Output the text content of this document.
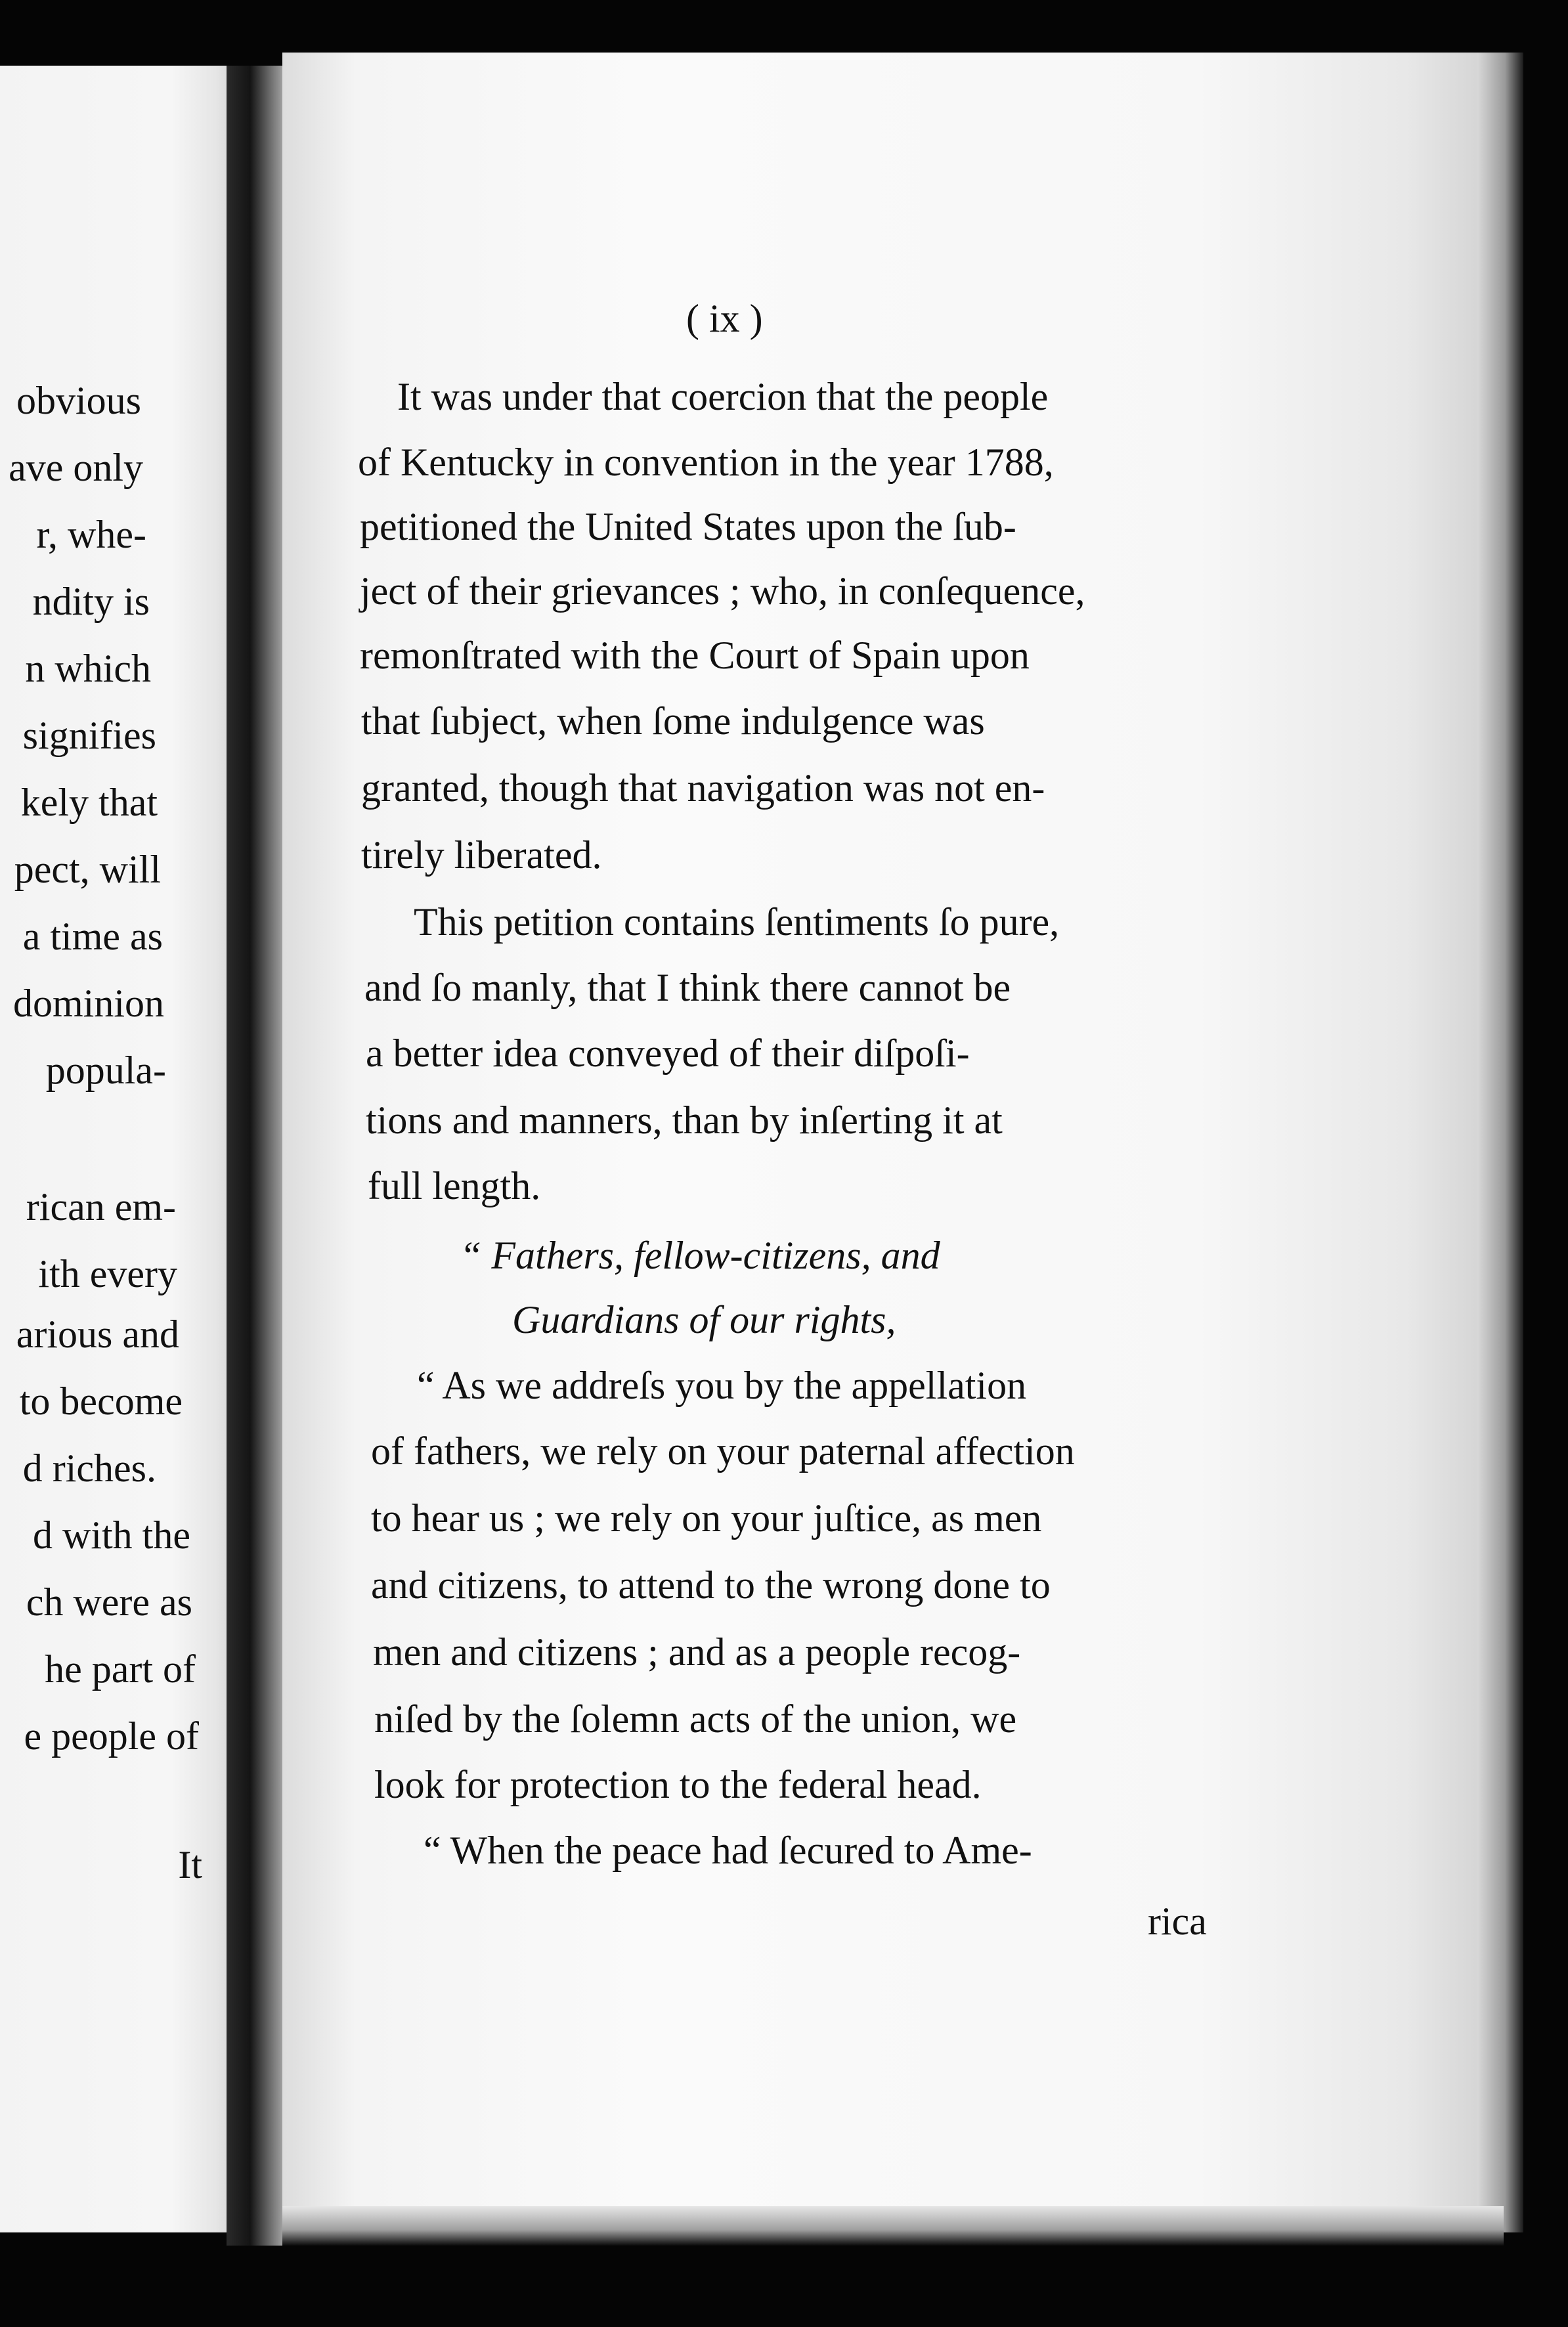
obvious
ave only
r, whe-
ndity is
n which
signifies
kely that
pect, will
a time as
dominion
popula-
rican em-
ith every
arious and
to become
d riches.
d with the
ch were as
he part of
e people of
It
( ix )
It was under that coercion that the people
of Kentucky in convention in the year 1788,
petitioned the United States upon the ſub-
ject of their grievances ; who, in conſequence,
remonſtrated with the Court of Spain upon
that ſubject, when ſome indulgence was
granted, though that navigation was not en-
tirely liberated.
This petition contains ſentiments ſo pure,
and ſo manly, that I think there cannot be
a better idea conveyed of their diſpoſi-
tions and manners, than by inſerting it at
full length.
“ Fathers, fellow-citizens, and
Guardians of our rights,
“ As we addreſs you by the appellation
of fathers, we rely on your paternal affection
to hear us ; we rely on your juſtice, as men
and citizens, to attend to the wrong done to
men and citizens ; and as a people recog-
niſed by the ſolemn acts of the union, we
look for protection to the federal head.
“ When the peace had ſecured to Ame-
rica
